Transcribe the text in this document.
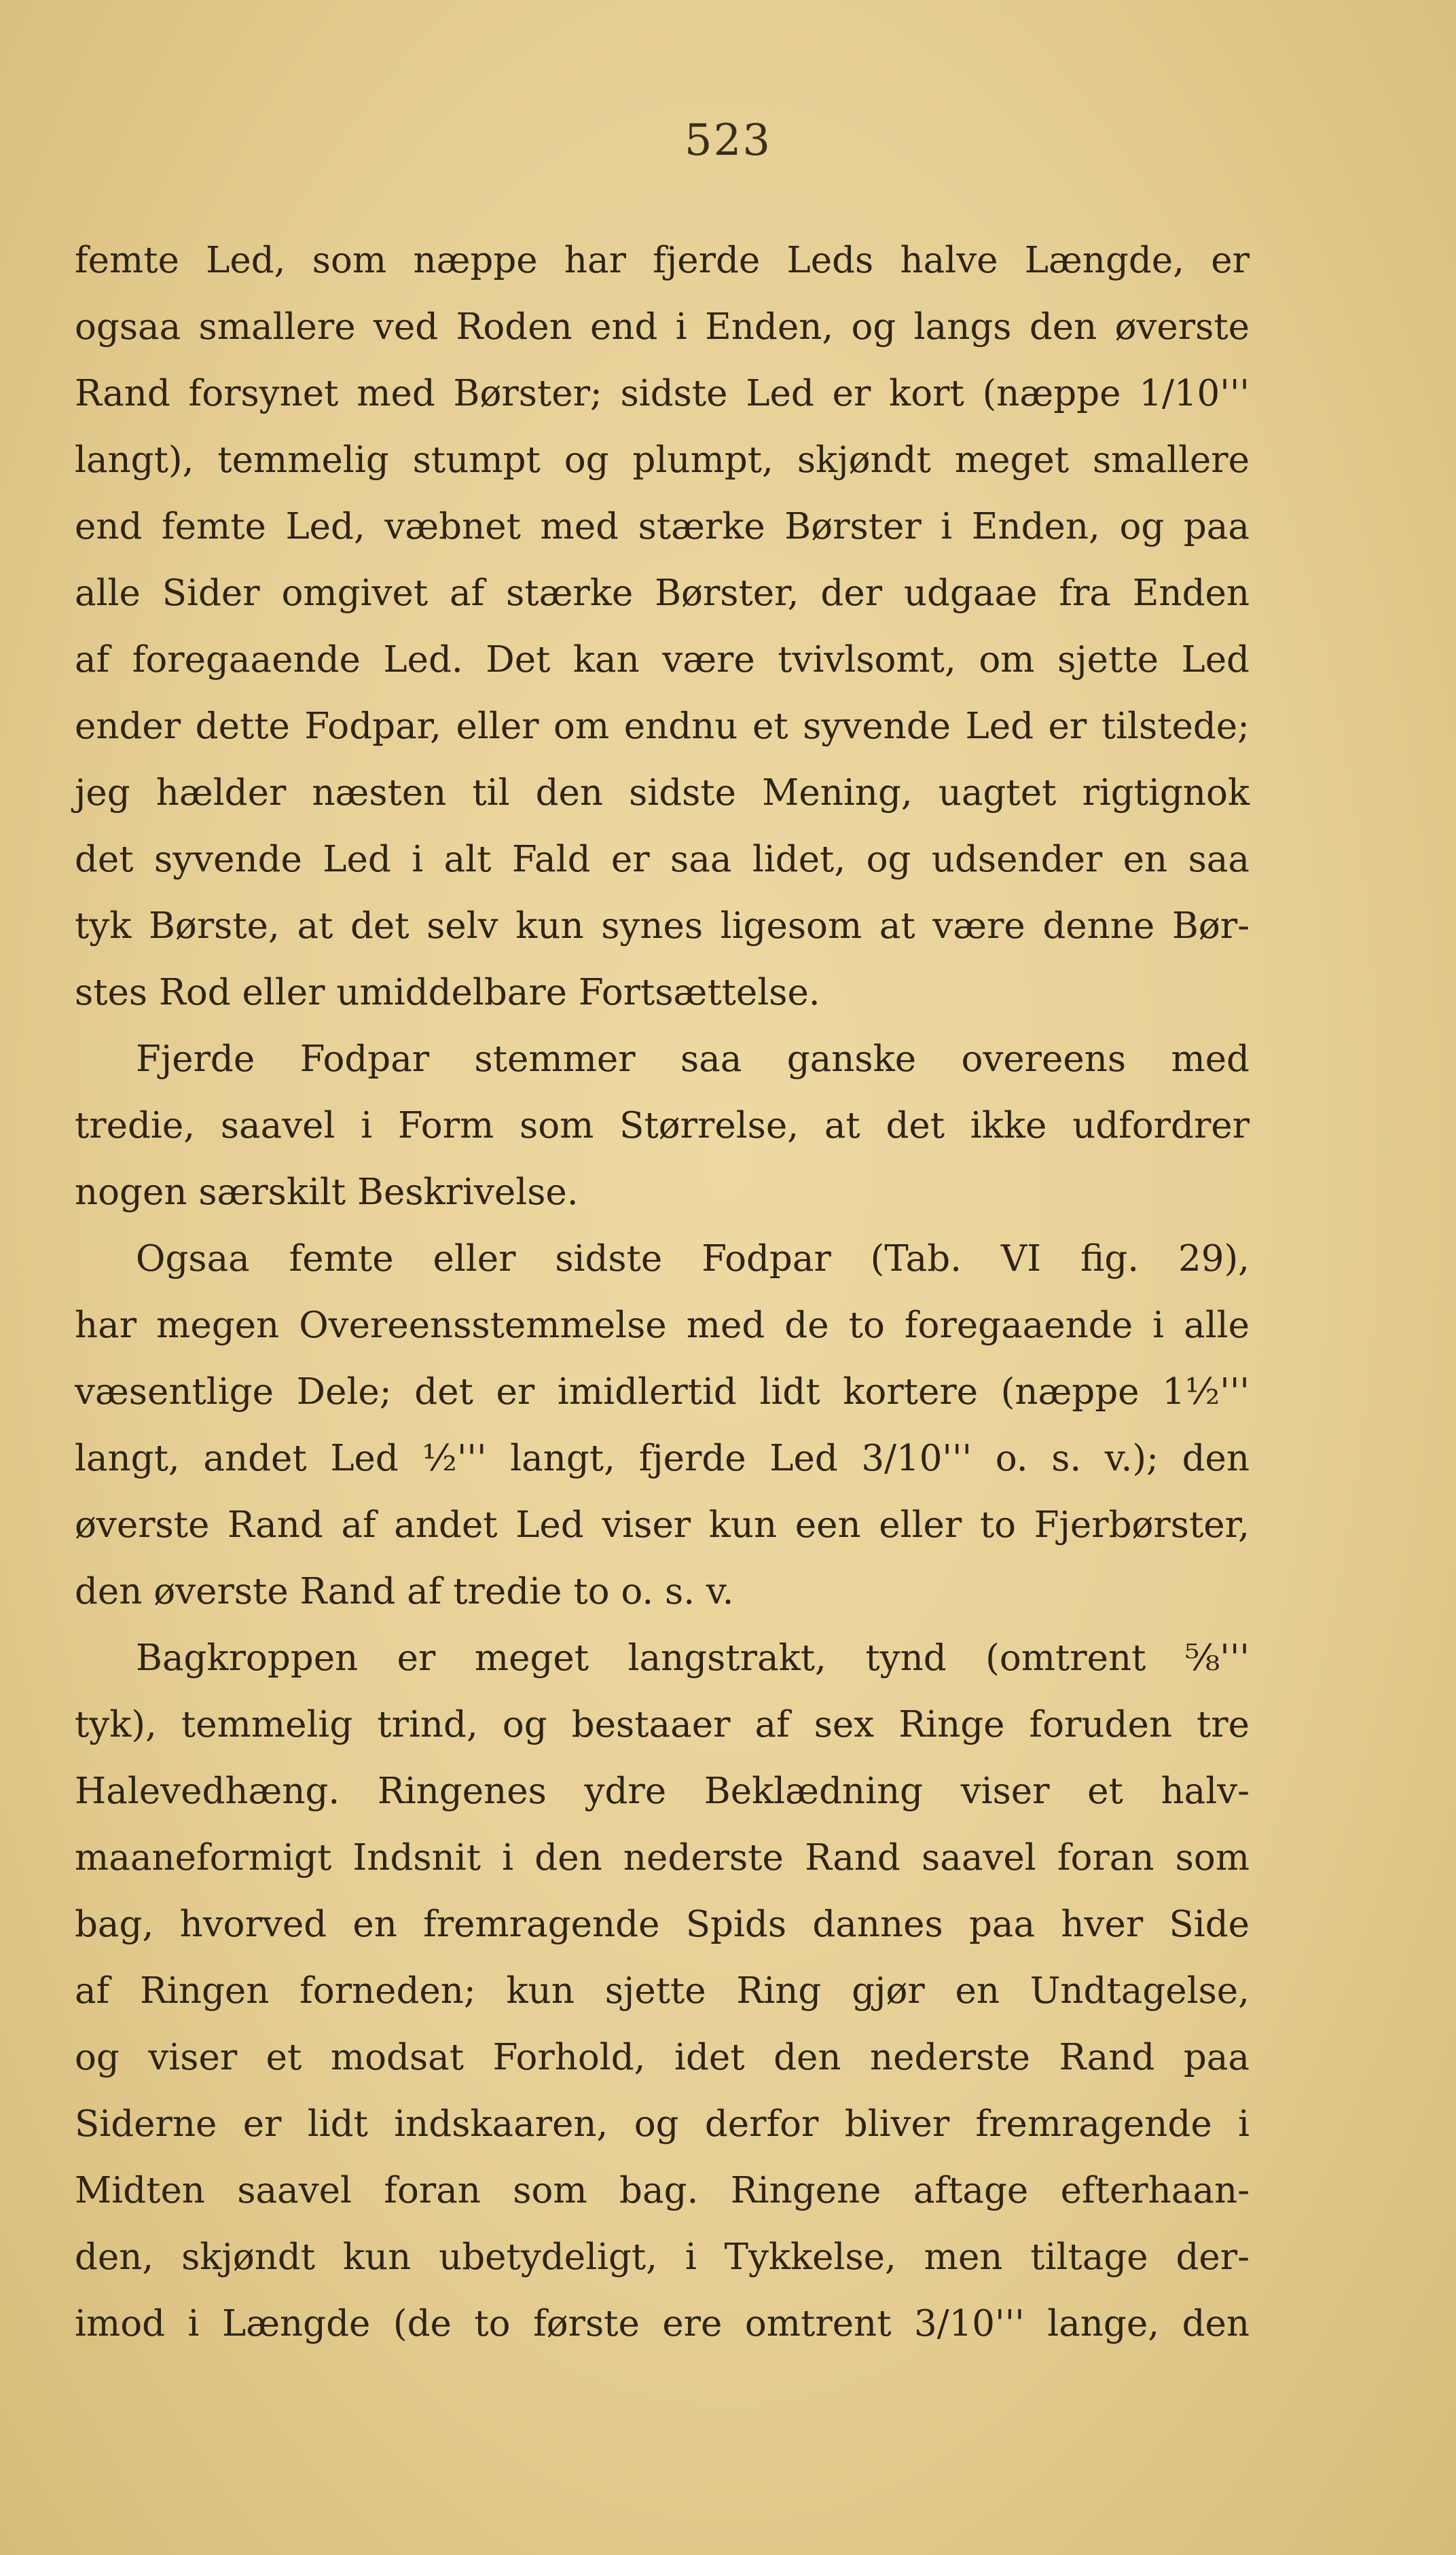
523
femte Led, som næppe har fjerde Leds halve Længde, er
ogsaa smallere ved Roden end i Enden, og langs den øverste
Rand forsynet med Børster; sidste Led er kort (næppe 1/10'''
langt), temmelig stumpt og plumpt, skjøndt meget smallere
end femte Led, væbnet med stærke Børster i Enden, og paa
alle Sider omgivet af stærke Børster, der udgaae fra Enden
af foregaaende Led. Det kan være tvivlsomt, om sjette Led
ender dette Fodpar, eller om endnu et syvende Led er tilstede;
jeg hælder næsten til den sidste Mening, uagtet rigtignok
det syvende Led i alt Fald er saa lidet, og udsender en saa
tyk Børste, at det selv kun synes ligesom at være denne Bør-
stes Rod eller umiddelbare Fortsættelse.
Fjerde Fodpar stemmer saa ganske overeens med
tredie, saavel i Form som Størrelse, at det ikke udfordrer
nogen særskilt Beskrivelse.
Ogsaa femte eller sidste Fodpar (Tab. VI fig. 29),
har megen Overeensstemmelse med de to foregaaende i alle
væsentlige Dele; det er imidlertid lidt kortere (næppe 1½'''
langt, andet Led ½''' langt, fjerde Led 3/10''' o. s. v.); den
øverste Rand af andet Led viser kun een eller to Fjerbørster,
den øverste Rand af tredie to o. s. v.
Bagkroppen er meget langstrakt, tynd (omtrent ⅝'''
tyk), temmelig trind, og bestaaer af sex Ringe foruden tre
Halevedhæng. Ringenes ydre Beklædning viser et halv-
maaneformigt Indsnit i den nederste Rand saavel foran som
bag, hvorved en fremragende Spids dannes paa hver Side
af Ringen forneden; kun sjette Ring gjør en Undtagelse,
og viser et modsat Forhold, idet den nederste Rand paa
Siderne er lidt indskaaren, og derfor bliver fremragende i
Midten saavel foran som bag. Ringene aftage efterhaan-
den, skjøndt kun ubetydeligt, i Tykkelse, men tiltage der-
imod i Længde (de to første ere omtrent 3/10''' lange, den
